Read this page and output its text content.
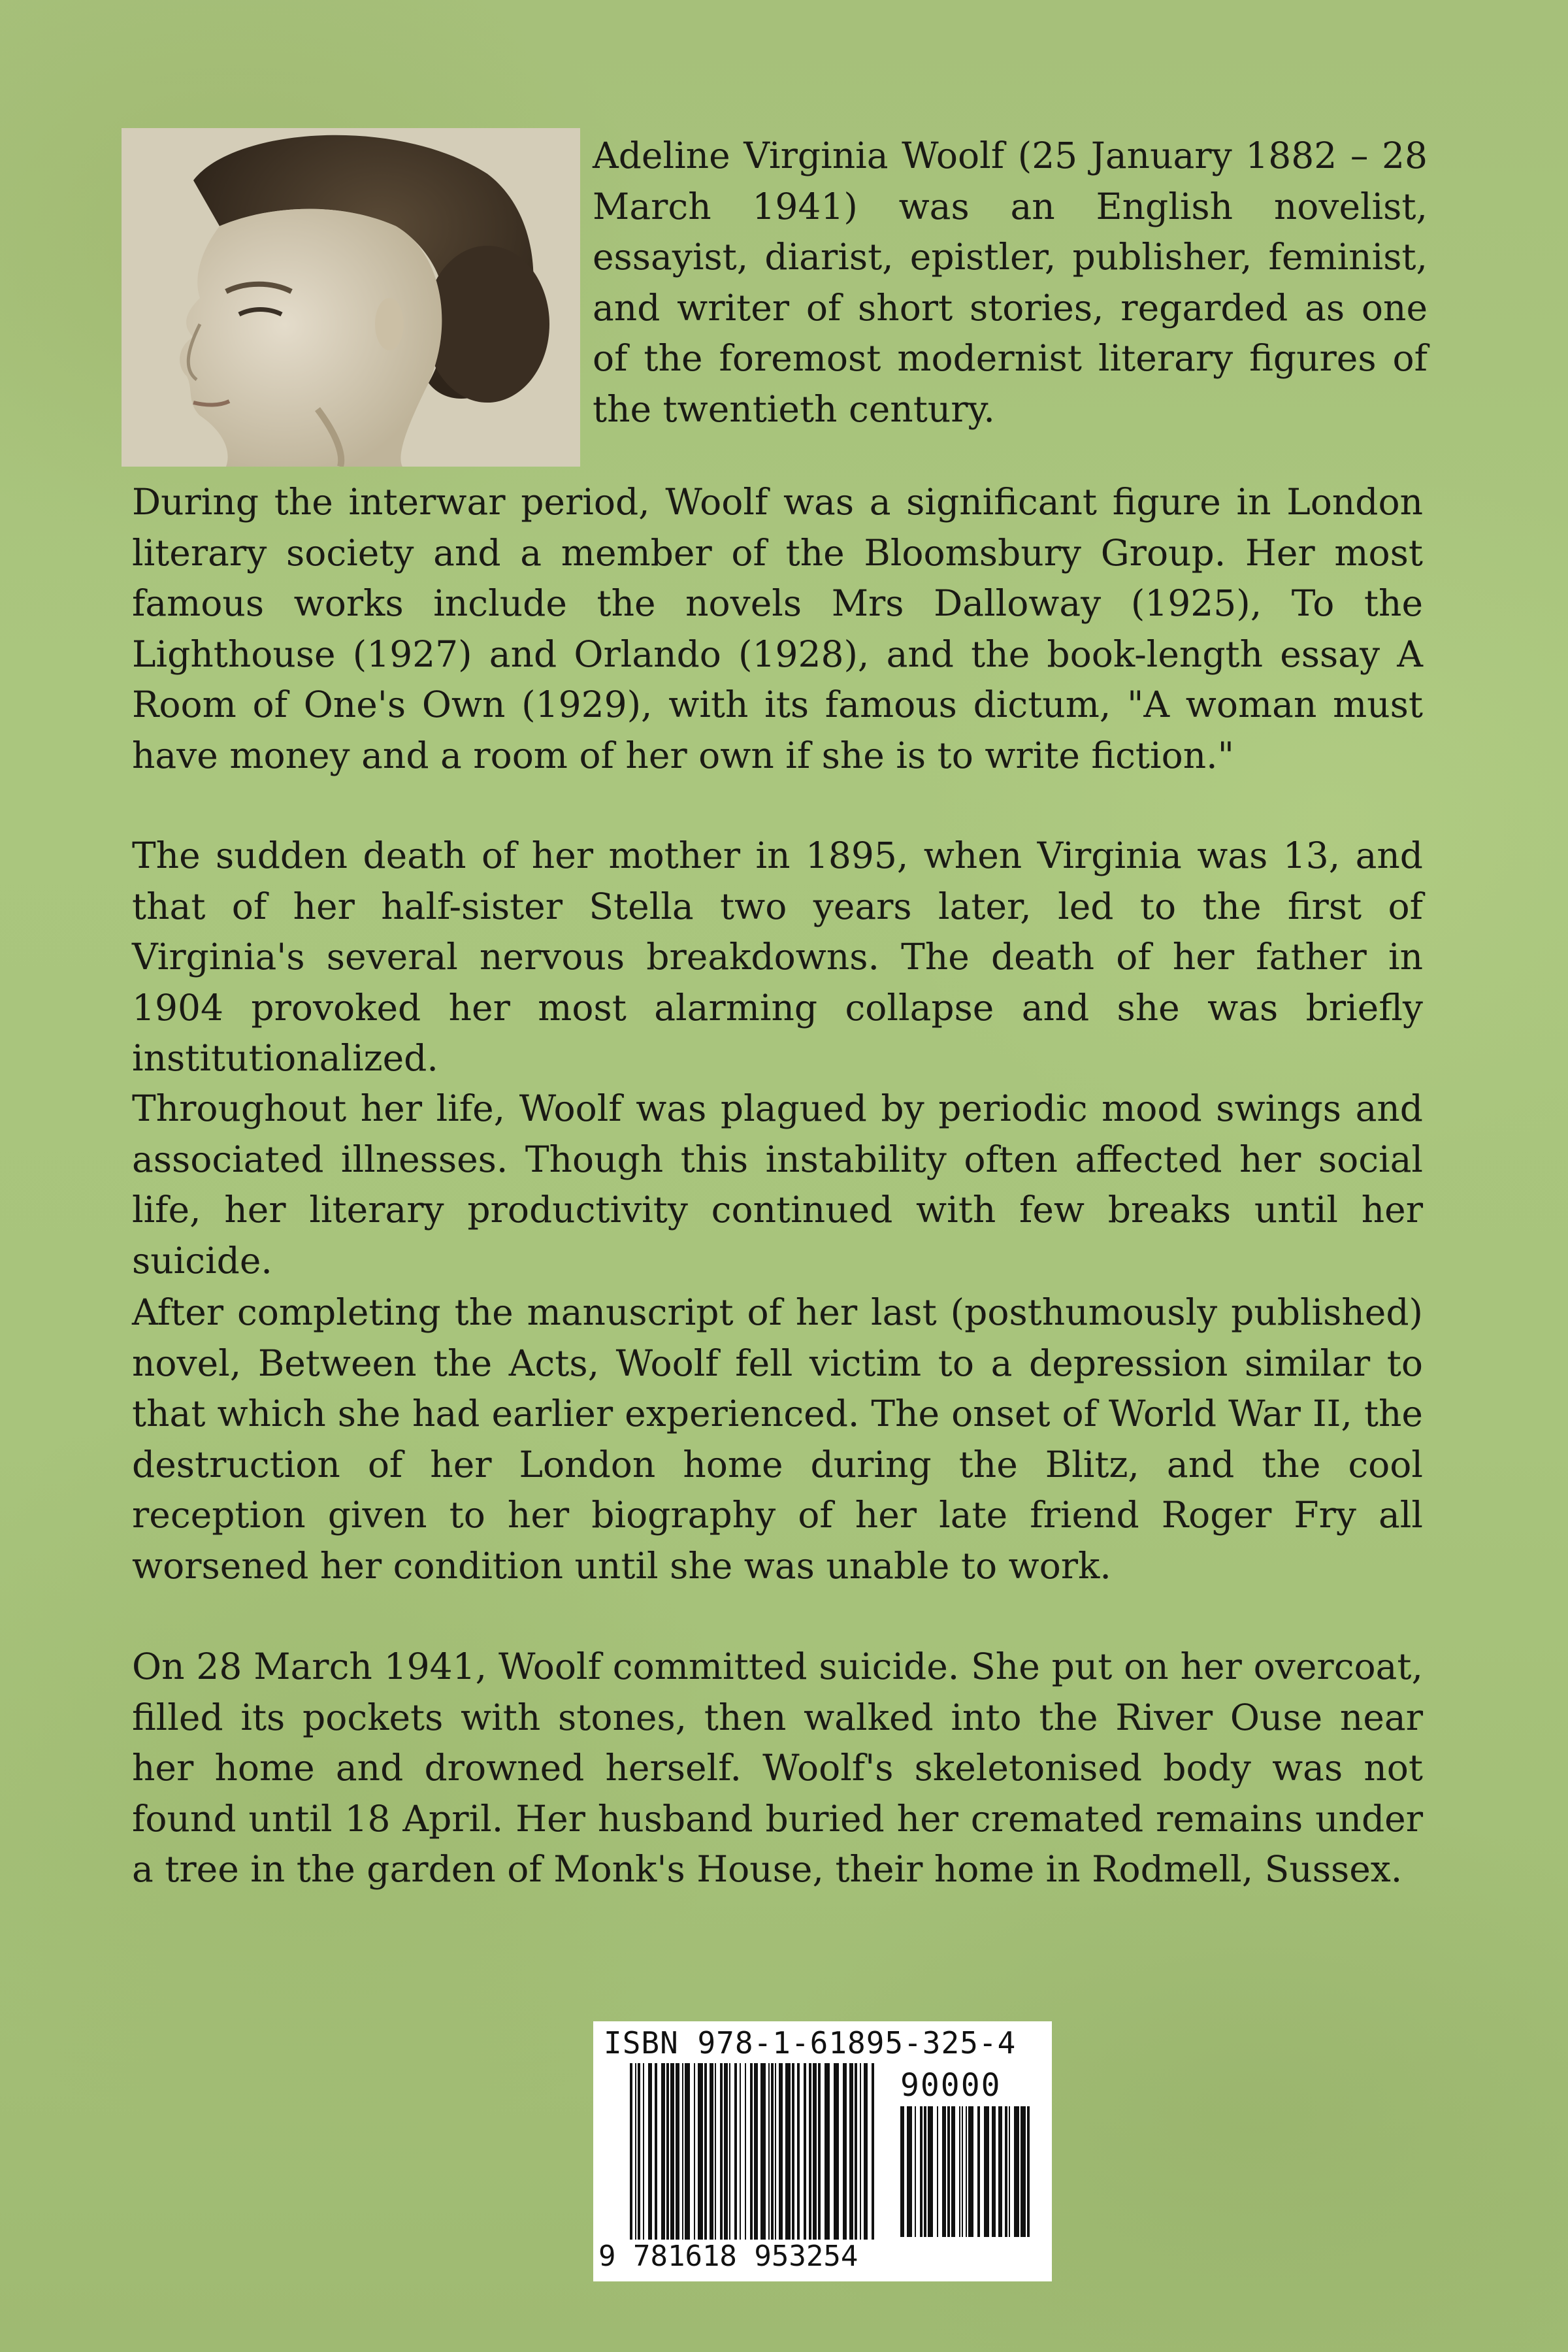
Adeline Virginia Woolf (25 January 1882 – 28 March 1941) was an English novelist, essayist, diarist, epistler, publisher, feminist, and writer of short stories, regarded as one of the foremost modernist literary figures of the twentieth century.

During the interwar period, Woolf was a significant figure in London literary society and a member of the Bloomsbury Group. Her most famous works include the novels Mrs Dalloway (1925), To the Lighthouse (1927) and Orlando (1928), and the book-length essay A Room of One's Own (1929), with its famous dictum, "A woman must have money and a room of her own if she is to write fiction."

The sudden death of her mother in 1895, when Virginia was 13, and that of her half-sister Stella two years later, led to the first of Virginia's several nervous breakdowns. The death of her father in 1904 provoked her most alarming collapse and she was briefly institutionalized.

Throughout her life, Woolf was plagued by periodic mood swings and associated illnesses. Though this instability often affected her social life, her literary productivity continued with few breaks until her suicide.

After completing the manuscript of her last (posthumously published) novel, Between the Acts, Woolf fell victim to a depression similar to that which she had earlier experienced. The onset of World War II, the destruction of her London home during the Blitz, and the cool reception given to her biography of her late friend Roger Fry all worsened her condition until she was unable to work.

On 28 March 1941, Woolf committed suicide. She put on her overcoat, filled its pockets with stones, then walked into the River Ouse near her home and drowned herself. Woolf's skeletonised body was not found until 18 April. Her husband buried her cremated remains under a tree in the garden of Monk's House, their home in Rodmell, Sussex.

ISBN 978-1-61895-325-4
90000
9 781618 953254
